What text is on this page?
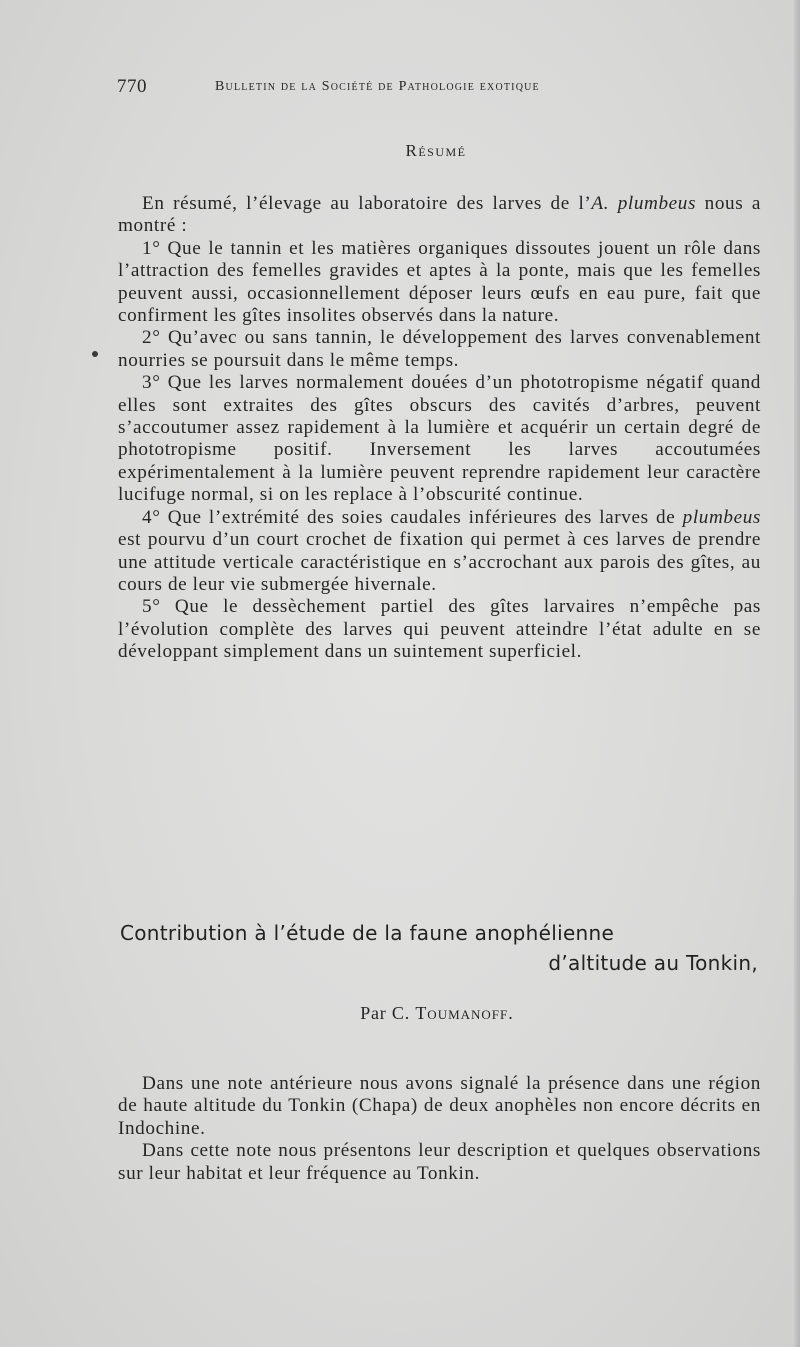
770	Bulletin de la Société de Pathologie exotique
Résumé

En résumé, l’élevage au laboratoire des larves de l’A. plumbeus nous a montré :

1° Que le tannin et les matières organiques dissoutes jouent un rôle dans l’attraction des femelles gravides et aptes à la ponte, mais que les femelles peuvent aussi, occasionnellement déposer leurs œufs en eau pure, fait que confirment les gîtes insolites observés dans la nature.

2° Qu’avec ou sans tannin, le développement des larves convenablement nourries se poursuit dans le même temps.

3° Que les larves normalement douées d’un phototropisme négatif quand elles sont extraites des gîtes obscurs des cavités d’arbres, peuvent s’accoutumer assez rapidement à la lumière et acquérir un certain degré de phototropisme positif. Inversement les larves accoutumées expérimentalement à la lumière peuvent reprendre rapidement leur caractère lucifuge normal, si on les replace à l’obscurité continue.

4° Que l’extrémité des soies caudales inférieures des larves de plumbeus est pourvu d’un court crochet de fixation qui permet à ces larves de prendre une attitude verticale caractéristique en s’accrochant aux parois des gîtes, au cours de leur vie submergée hivernale.

5° Que le dessèchement partiel des gîtes larvaires n’empêche pas l’évolution complète des larves qui peuvent atteindre l’état adulte en se développant simplement dans un suintement superficiel.

Contribution à l’étude de la faune anophélienne
d’altitude au Tonkin,
Par C. Toumanoff.

Dans une note antérieure nous avons signalé la présence dans une région de haute altitude du Tonkin (Chapa) de deux anophèles non encore décrits en Indochine.

Dans cette note nous présentons leur description et quelques observations sur leur habitat et leur fréquence au Tonkin.
